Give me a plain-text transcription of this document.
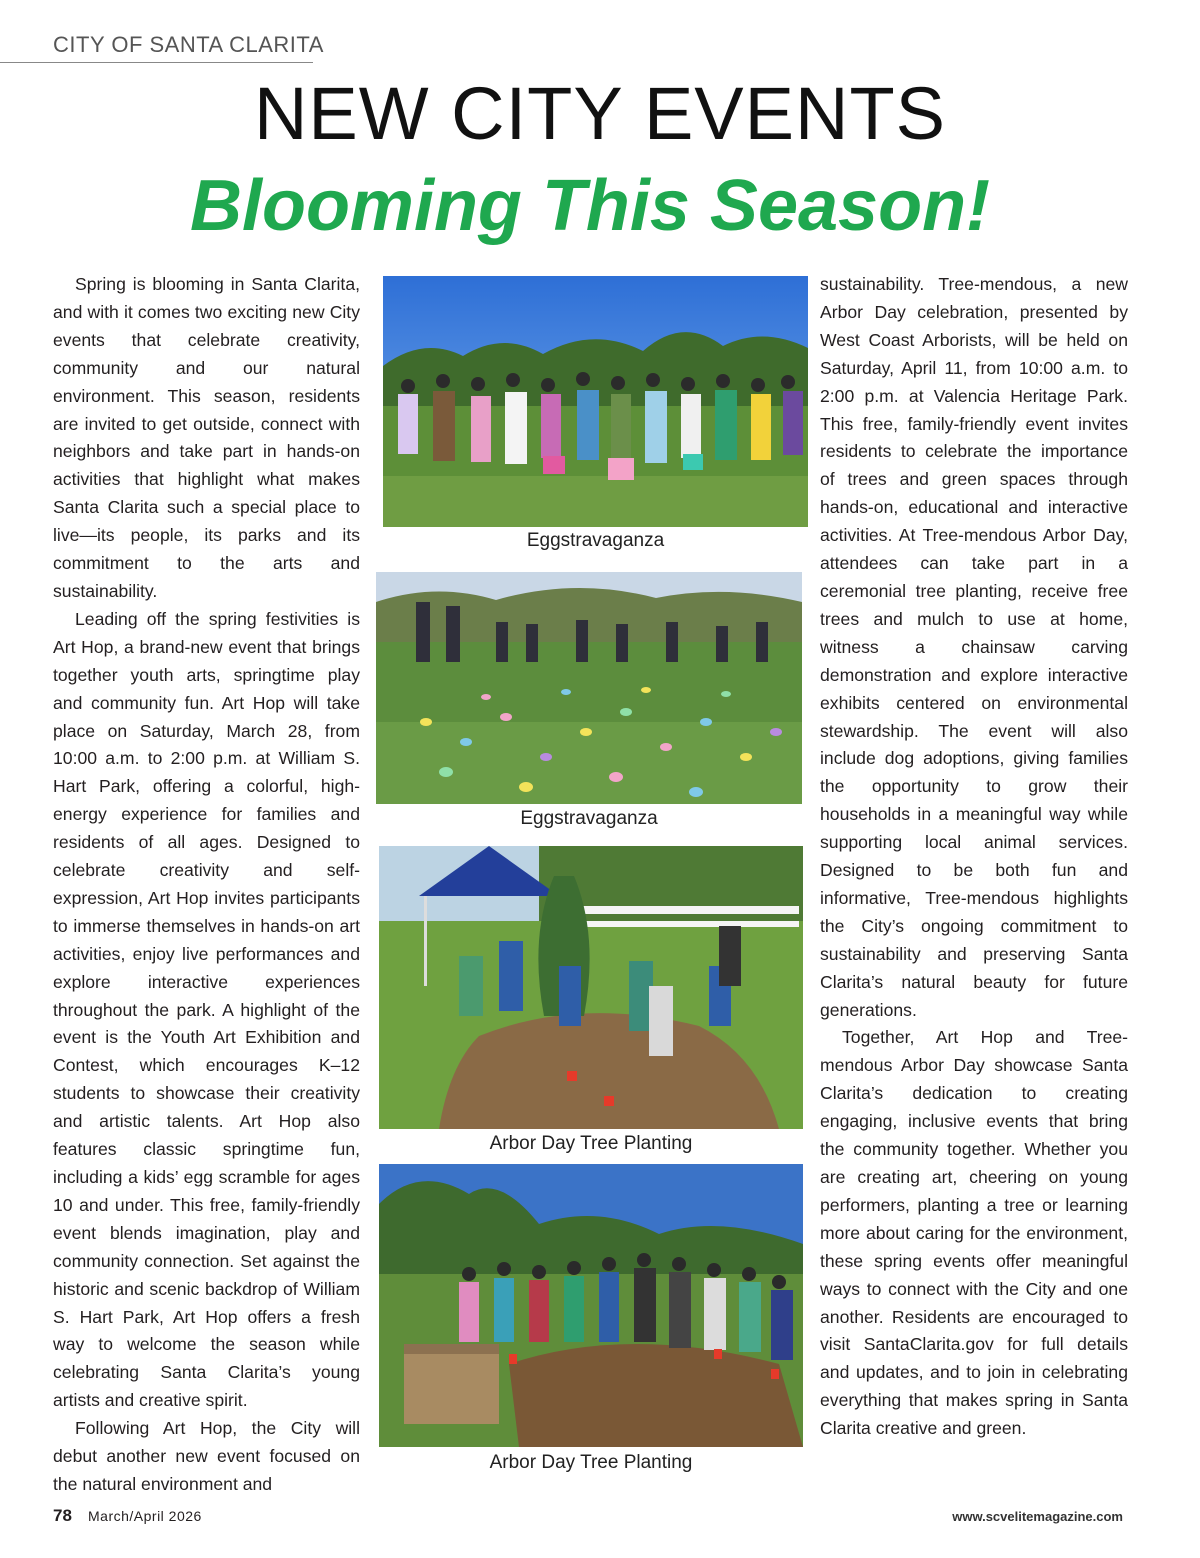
CITY OF SANTA CLARITA
NEW CITY EVENTS
Blooming This Season!

Spring is blooming in Santa Clarita, and with it comes two exciting new City events that celebrate creativity, community and our natural environment. This season, residents are invited to get outside, connect with neighbors and take part in hands-on activities that highlight what makes Santa Clarita such a special place to live—its people, its parks and its commitment to the arts and sustainability.

Leading off the spring festivities is Art Hop, a brand-new event that brings together youth arts, springtime play and community fun. Art Hop will take place on Saturday, March 28, from 10:00 a.m. to 2:00 p.m. at William S. Hart Park, offering a colorful, high-energy experience for families and residents of all ages. Designed to celebrate creativity and self-expression, Art Hop invites participants to immerse themselves in hands-on art activities, enjoy live performances and explore interactive experiences throughout the park. A highlight of the event is the Youth Art Exhibition and Contest, which encourages K–12 students to showcase their creativity and artistic talents. Art Hop also features classic springtime fun, including a kids’ egg scramble for ages 10 and under. This free, family-friendly event blends imagination, play and community connection. Set against the historic and scenic backdrop of William S. Hart Park, Art Hop offers a fresh way to welcome the season while celebrating Santa Clarita’s young artists and creative spirit.

Following Art Hop, the City will debut another new event focused on the natural environment and

sustainability. Tree-mendous, a new Arbor Day celebration, presented by West Coast Arborists, will be held on Saturday, April 11, from 10:00 a.m. to 2:00 p.m. at Valencia Heritage Park. This free, family-friendly event invites residents to celebrate the importance of trees and green spaces through hands-on, educational and interactive activities. At Tree-mendous Arbor Day, attendees can take part in a ceremonial tree planting, receive free trees and mulch to use at home, witness a chainsaw carving demonstration and explore interactive exhibits centered on environmental stewardship. The event will also include dog adoptions, giving families the opportunity to grow their households in a meaningful way while supporting local animal services. Designed to be both fun and informative, Tree-mendous highlights the City’s ongoing commitment to sustainability and preserving Santa Clarita’s natural beauty for future generations.

Together, Art Hop and Tree-mendous Arbor Day showcase Santa Clarita’s dedication to creating engaging, inclusive events that bring the community together. Whether you are creating art, cheering on young performers, planting a tree or learning more about caring for the environment, these spring events offer meaningful ways to connect with the City and one another. Residents are encouraged to visit SantaClarita.gov for full details and updates, and to join in celebrating everything that makes spring in Santa Clarita creative and green.

Eggstravaganza
Eggstravaganza
Arbor Day Tree Planting
Arbor Day Tree Planting
78 March/April 2026	www.scvelitemagazine.com
